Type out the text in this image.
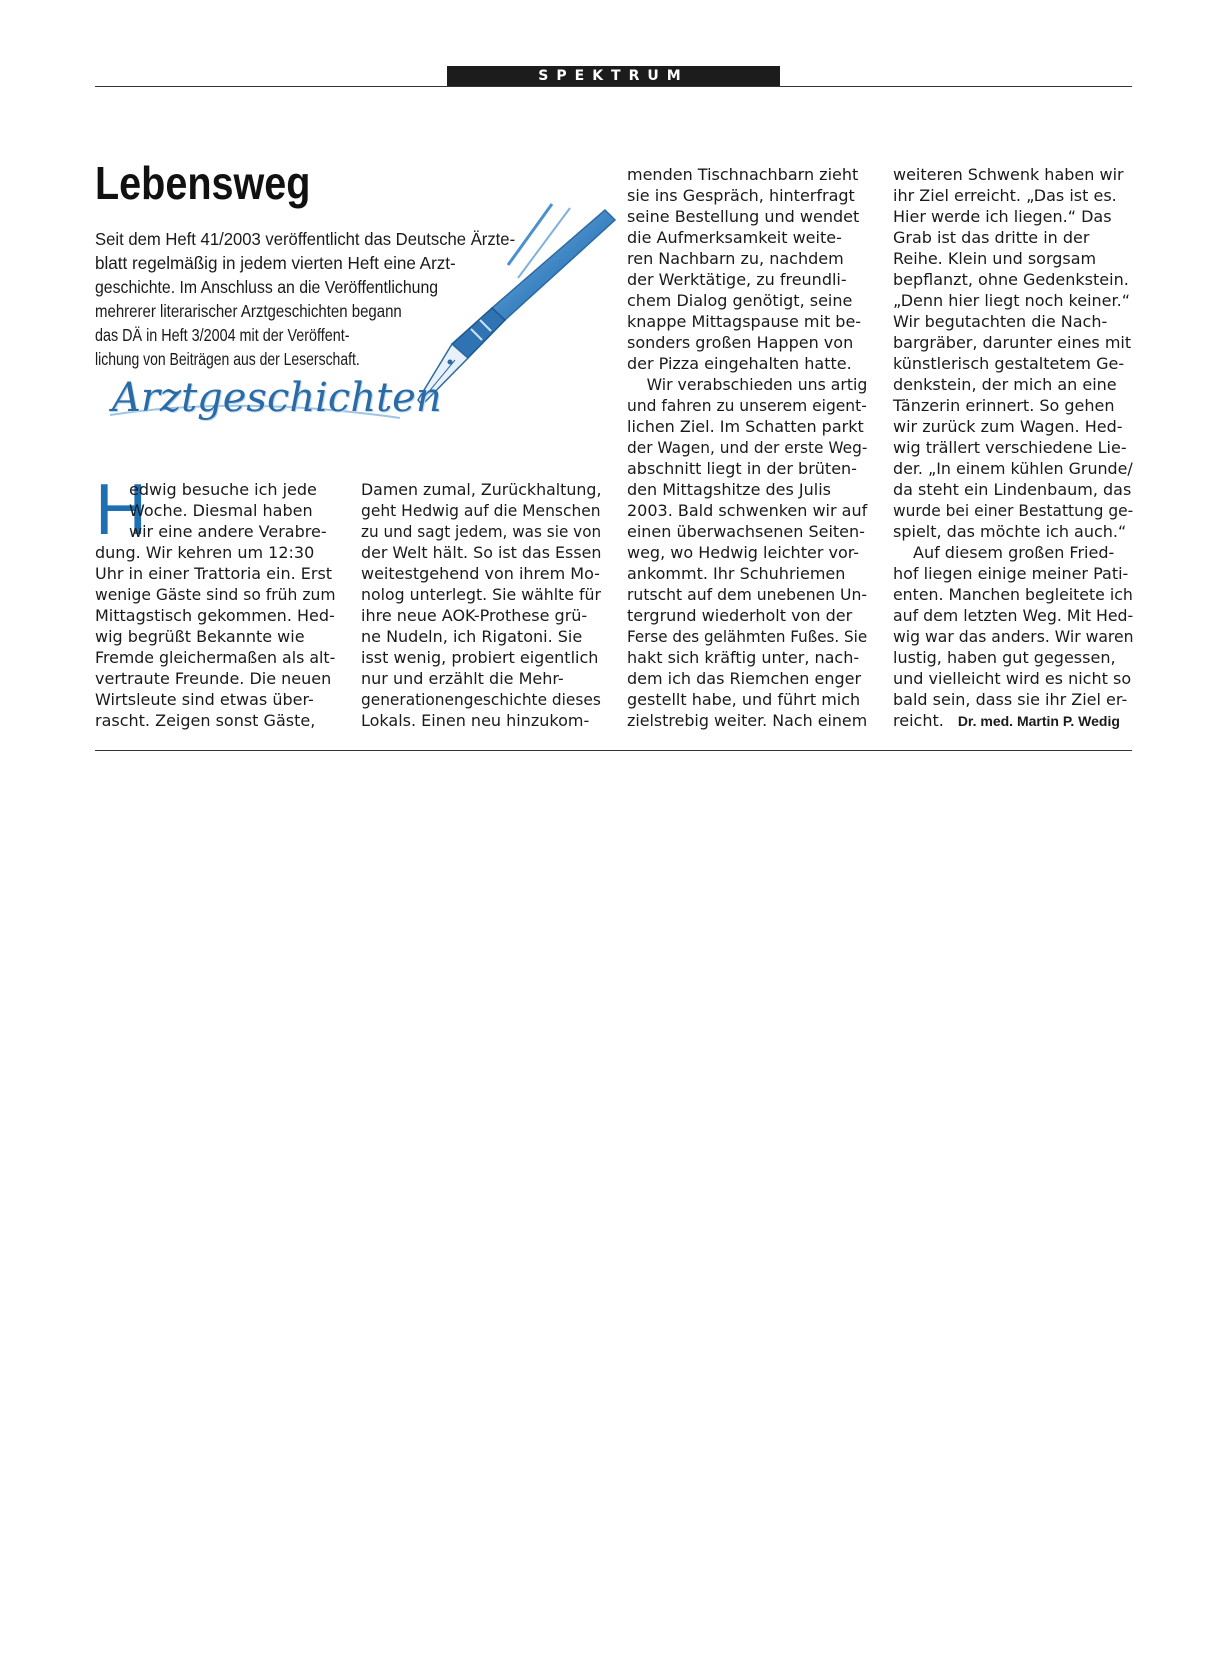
SPEKTRUM
Arztgeschichten
Lebensweg
Seit dem Heft 41/2003 veröffentlicht das Deutsche Ärzte-
blatt regelmäßig in jedem vierten Heft eine Arzt-
geschichte. Im Anschluss an die Veröffentlichung
mehrerer literarischer Arztgeschichten begann
das DÄ in Heft 3/2004 mit der Veröffent-
lichung von Beiträgen aus der Leserschaft.
H
edwig besuche ich jede
Woche. Diesmal haben
wir eine andere Verabre-
dung. Wir kehren um 12:30
Uhr in einer Trattoria ein. Erst
wenige Gäste sind so früh zum
Mittagstisch gekommen. Hed-
wig begrüßt Bekannte wie
Fremde gleichermaßen als alt-
vertraute Freunde. Die neuen
Wirtsleute sind etwas über-
rascht. Zeigen sonst Gäste,
Damen zumal, Zurückhaltung,
geht Hedwig auf die Menschen
zu und sagt jedem, was sie von
der Welt hält. So ist das Essen
weitestgehend von ihrem Mo-
nolog unterlegt. Sie wählte für
ihre neue AOK-Prothese grü-
ne Nudeln, ich Rigatoni. Sie
isst wenig, probiert eigentlich
nur und erzählt die Mehr-
generationengeschichte dieses
Lokals. Einen neu hinzukom-
menden Tischnachbarn zieht
sie ins Gespräch, hinterfragt
seine Bestellung und wendet
die Aufmerksamkeit weite-
ren Nachbarn zu, nachdem
der Werktätige, zu freundli-
chem Dialog genötigt, seine
knappe Mittagspause mit be-
sonders großen Happen von
der Pizza eingehalten hatte.
Wir verabschieden uns artig
und fahren zu unserem eigent-
lichen Ziel. Im Schatten parkt
der Wagen, und der erste Weg-
abschnitt liegt in der brüten-
den Mittagshitze des Julis
2003. Bald schwenken wir auf
einen überwachsenen Seiten-
weg, wo Hedwig leichter vor-
ankommt. Ihr Schuhriemen
rutscht auf dem unebenen Un-
tergrund wiederholt von der
Ferse des gelähmten Fußes. Sie
hakt sich kräftig unter, nach-
dem ich das Riemchen enger
gestellt habe, und führt mich
zielstrebig weiter. Nach einem
weiteren Schwenk haben wir
ihr Ziel erreicht. „Das ist es.
Hier werde ich liegen.“ Das
Grab ist das dritte in der
Reihe. Klein und sorgsam
bepflanzt, ohne Gedenkstein.
„Denn hier liegt noch keiner.“
Wir begutachten die Nach-
bargräber, darunter eines mit
künstlerisch gestaltetem Ge-
denkstein, der mich an eine
Tänzerin erinnert. So gehen
wir zurück zum Wagen. Hed-
wig trällert verschiedene Lie-
der. „In einem kühlen Grunde/
da steht ein Lindenbaum, das
wurde bei einer Bestattung ge-
spielt, das möchte ich auch.“
Auf diesem großen Fried-
hof liegen einige meiner Pati-
enten. Manchen begleitete ich
auf dem letzten Weg. Mit Hed-
wig war das anders. Wir waren
lustig, haben gut gegessen,
und vielleicht wird es nicht so
bald sein, dass sie ihr Ziel er-
reicht. Dr. med. Martin P. Wedig
